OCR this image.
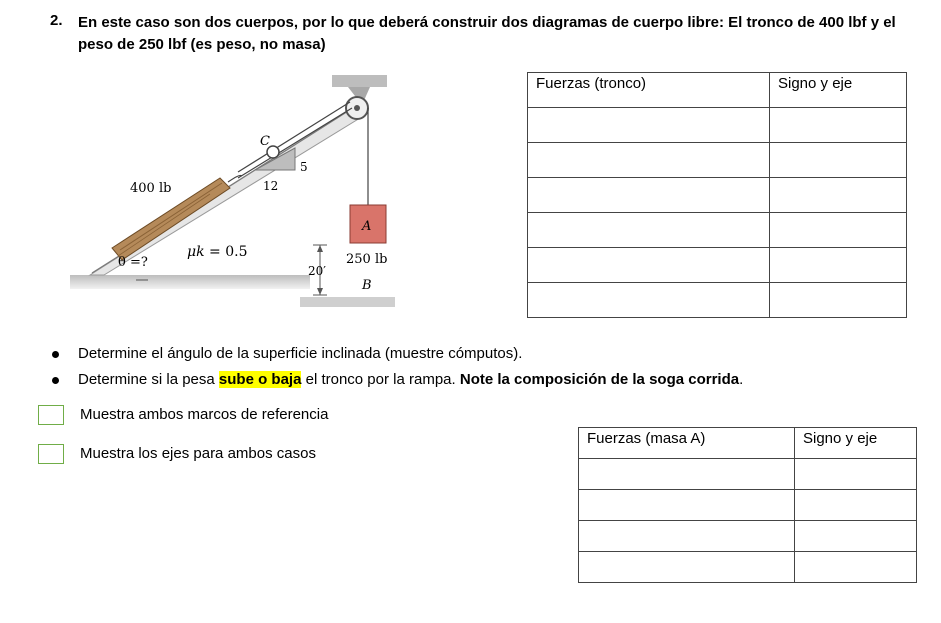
2. En este caso son dos cuerpos, por lo que deberá construir dos diagramas de cuerpo libre: El tronco de 400 lbf y el peso de 250 lbf (es peso, no masa)
C
5
12
400 lb
θ =?
μk = 0.5
A
20′
250 lb
B
Fuerzas (tronco)	Signo y eje

Determine el ángulo de la superficie inclinada (muestre cómputos).
Determine si la pesa sube o baja el tronco por la rampa. Note la composición de la soga corrida.
Muestra ambos marcos de referencia
Muestra los ejes para ambos casos
Fuerzas (masa A)	Signo y eje
